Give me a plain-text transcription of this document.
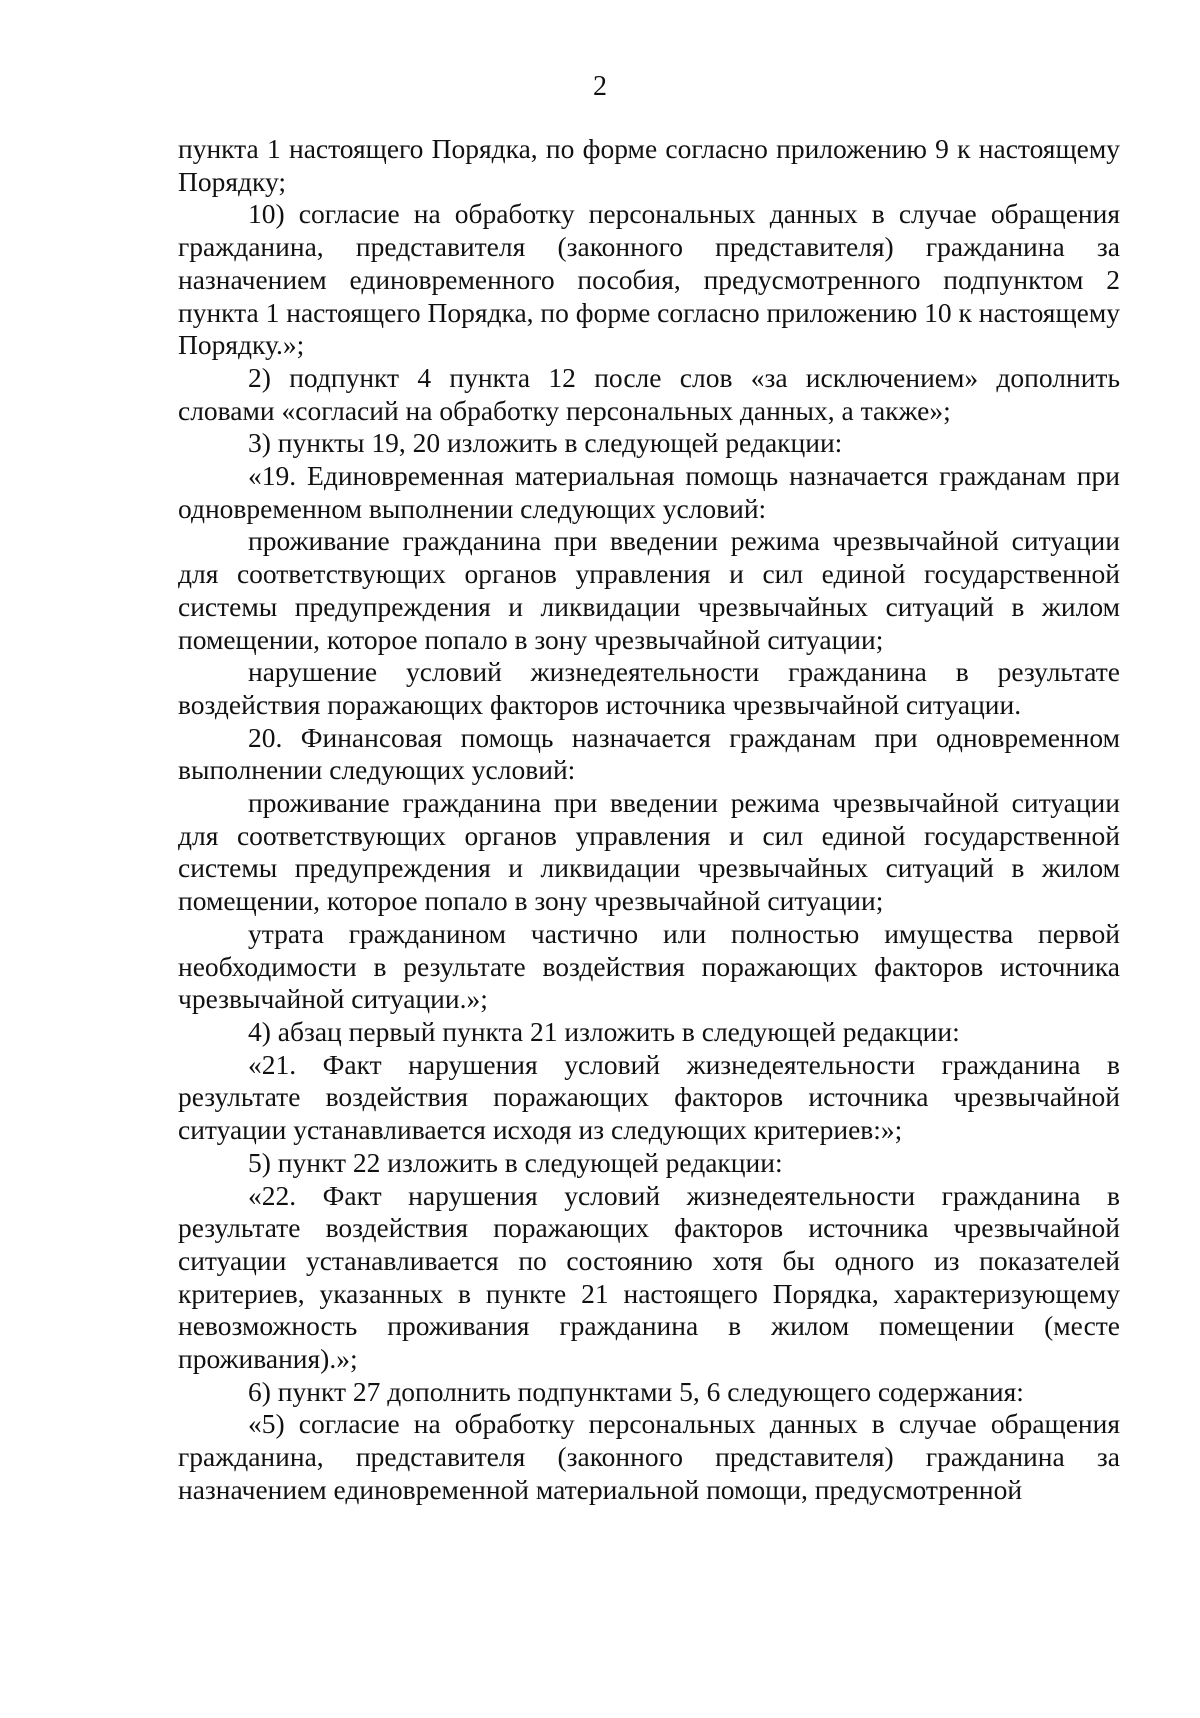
2

пункта 1 настоящего Порядка, по форме согласно приложению 9 к настоящему Порядку;

10) согласие на обработку персональных данных в случае обращения гражданина, представителя (законного представителя) гражданина за назначением единовременного пособия, предусмотренного подпунктом 2 пункта 1 настоящего Порядка, по форме согласно приложению 10 к настоящему Порядку.»;

2) подпункт 4 пункта 12 после слов «за исключением» дополнить словами «согласий на обработку персональных данных, а также»;

3) пункты 19, 20 изложить в следующей редакции:

«19. Единовременная материальная помощь назначается гражданам при одновременном выполнении следующих условий:

проживание гражданина при введении режима чрезвычайной ситуации для соответствующих органов управления и сил единой государственной системы предупреждения и ликвидации чрезвычайных ситуаций в жилом помещении, которое попало в зону чрезвычайной ситуации;

нарушение условий жизнедеятельности гражданина в результате воздействия поражающих факторов источника чрезвычайной ситуации.

20. Финансовая помощь назначается гражданам при одновременном выполнении следующих условий:

проживание гражданина при введении режима чрезвычайной ситуации для соответствующих органов управления и сил единой государственной системы предупреждения и ликвидации чрезвычайных ситуаций в жилом помещении, которое попало в зону чрезвычайной ситуации;

утрата гражданином частично или полностью имущества первой необходимости в результате воздействия поражающих факторов источника чрезвычайной ситуации.»;

4) абзац первый пункта 21 изложить в следующей редакции:

«21. Факт нарушения условий жизнедеятельности гражданина в результате воздействия поражающих факторов источника чрезвычайной ситуации устанавливается исходя из следующих критериев:»;

5) пункт 22 изложить в следующей редакции:

«22. Факт нарушения условий жизнедеятельности гражданина в результате воздействия поражающих факторов источника чрезвычайной ситуации устанавливается по состоянию хотя бы одного из показателей критериев, указанных в пункте 21 настоящего Порядка, характеризующему невозможность проживания гражданина в жилом помещении (месте проживания).»;

6) пункт 27 дополнить подпунктами 5, 6 следующего содержания:

«5) согласие на обработку персональных данных в случае обращения гражданина, представителя (законного представителя) гражданина за назначением единовременной материальной помощи, предусмотренной
